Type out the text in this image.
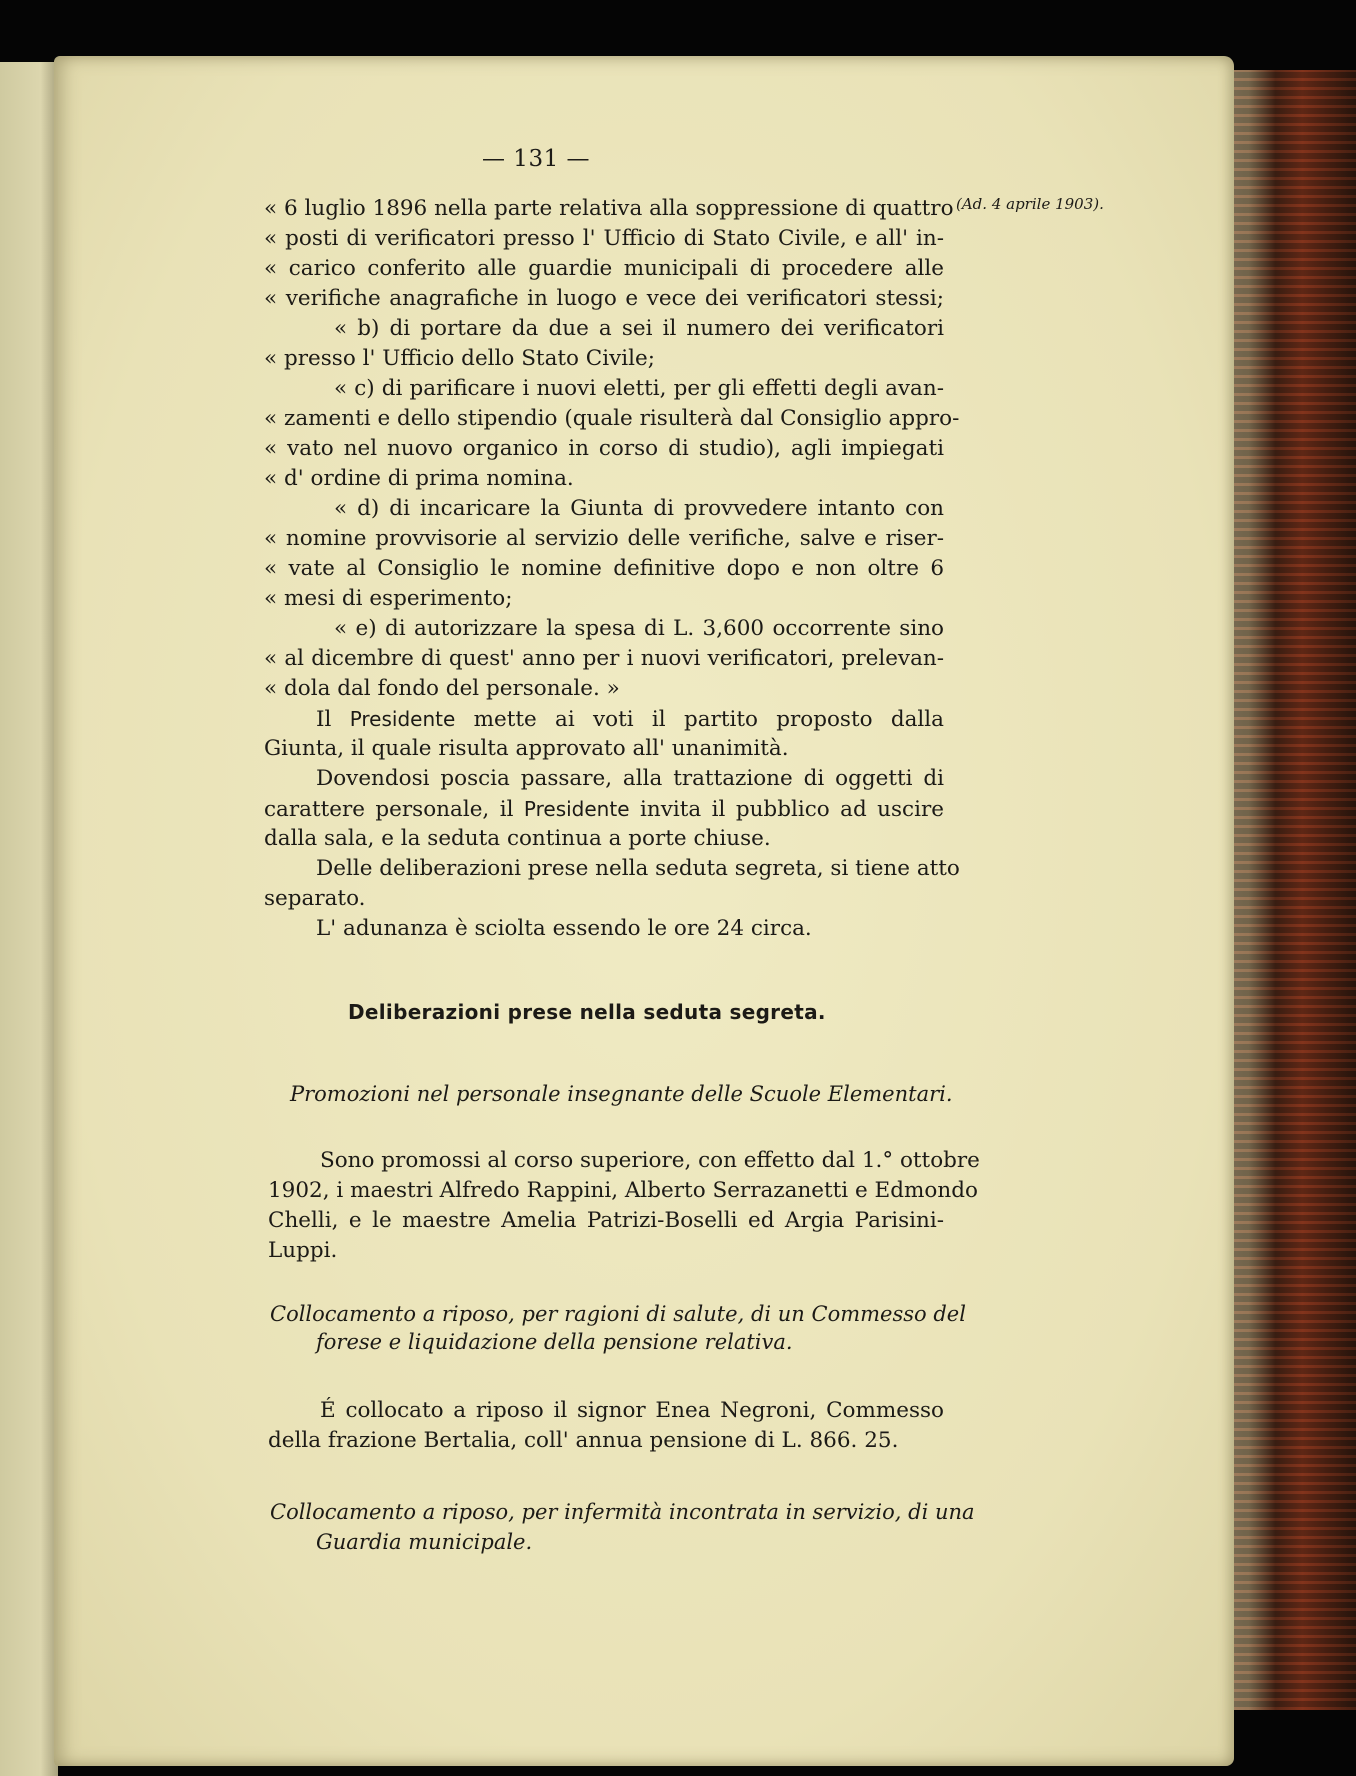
— 131 —
(Ad. 4 aprile 1903).
« 6 luglio 1896 nella parte relativa alla soppressione di quattro
« posti di verificatori presso l' Ufficio di Stato Civile, e all' in-
« carico conferito alle guardie municipali di procedere alle
« verifiche anagrafiche in luogo e vece dei verificatori stessi;
« b) di portare da due a sei il numero dei verificatori
« presso l' Ufficio dello Stato Civile;
« c) di parificare i nuovi eletti, per gli effetti degli avan-
« zamenti e dello stipendio (quale risulterà dal Consiglio appro-
« vato nel nuovo organico in corso di studio), agli impiegati
« d' ordine di prima nomina.
« d) di incaricare la Giunta di provvedere intanto con
« nomine provvisorie al servizio delle verifiche, salve e riser-
« vate al Consiglio le nomine definitive dopo e non oltre 6
« mesi di esperimento;
« e) di autorizzare la spesa di L. 3,600 occorrente sino
« al dicembre di quest' anno per i nuovi verificatori, prelevan-
« dola dal fondo del personale. »
Il Presidente mette ai voti il partito proposto dalla
Giunta, il quale risulta approvato all' unanimità.
Dovendosi poscia passare, alla trattazione di oggetti di
carattere personale, il Presidente invita il pubblico ad uscire
dalla sala, e la seduta continua a porte chiuse.
Delle deliberazioni prese nella seduta segreta, si tiene atto
separato.
L' adunanza è sciolta essendo le ore 24 circa.
Deliberazioni prese nella seduta segreta.
Promozioni nel personale insegnante delle Scuole Elementari.
Sono promossi al corso superiore, con effetto dal 1.° ottobre
1902, i maestri Alfredo Rappini, Alberto Serrazanetti e Edmondo
Chelli, e le maestre Amelia Patrizi-Boselli ed Argia Parisini-
Luppi.
Collocamento a riposo, per ragioni di salute, di un Commesso del
forese e liquidazione della pensione relativa.
É collocato a riposo il signor Enea Negroni, Commesso
della frazione Bertalia, coll' annua pensione di L. 866. 25.
Collocamento a riposo, per infermità incontrata in servizio, di una
Guardia municipale.
